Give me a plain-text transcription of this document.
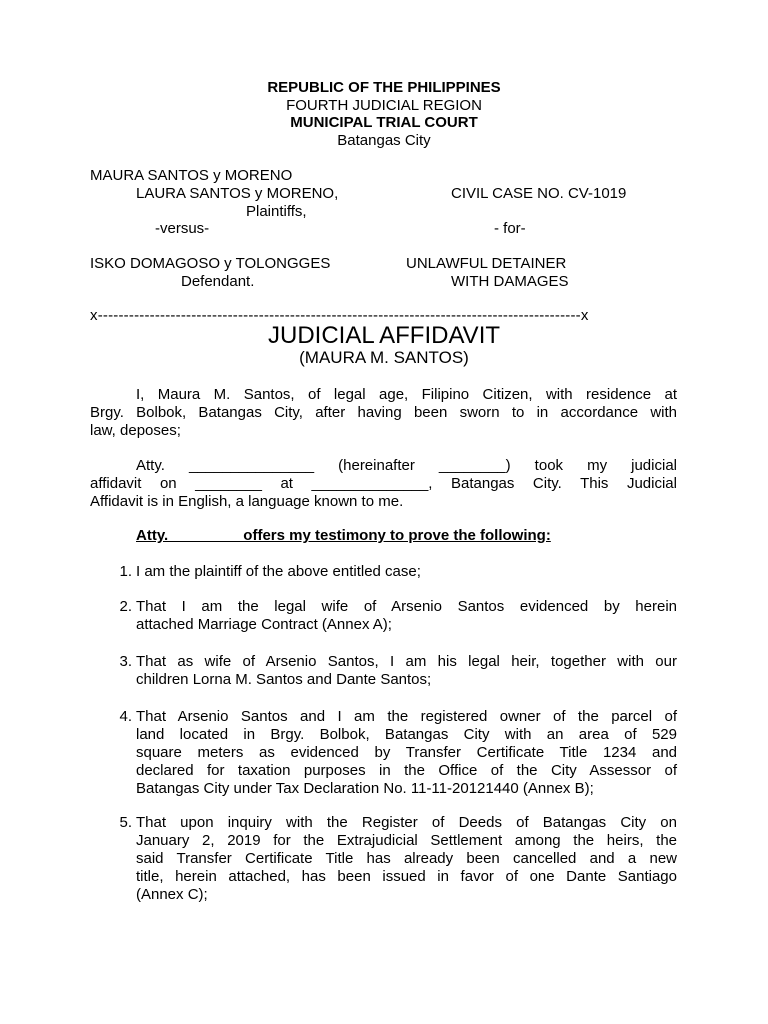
REPUBLIC OF THE PHILIPPINES
FOURTH JUDICIAL REGION
MUNICIPAL TRIAL COURT
Batangas City
MAURA SANTOS y MORENO
LAURA SANTOS y MORENO,
Plaintiffs,
-versus-
ISKO DOMAGOSO y TOLONGGES
Defendant.
CIVIL CASE NO. CV-1019
- for-
UNLAWFUL DETAINER
WITH DAMAGES
x---------------------------------------------------------------------------------------------x
JUDICIAL AFFIDAVIT
(MAURA M. SANTOS)
I, Maura M. Santos, of legal age, Filipino Citizen, with residence at
Brgy. Bolbok, Batangas City, after having been sworn to in accordance with
law, deposes;
Atty. _______________ (hereinafter ________) took my judicial
affidavit on ________ at ______________, Batangas City. This Judicial
Affidavit is in English, a language known to me.
Atty. ________ offers my testimony to prove the following:
1. I am the plaintiff of the above entitled case;
2. That I am the legal wife of Arsenio Santos evidenced by herein
attached Marriage Contract (Annex A);
3. That as wife of Arsenio Santos, I am his legal heir, together with our
children Lorna M. Santos and Dante Santos;
4. That Arsenio Santos and I am the registered owner of the parcel of
land located in Brgy. Bolbok, Batangas City with an area of 529
square meters as evidenced by Transfer Certificate Title 1234 and
declared for taxation purposes in the Office of the City Assessor of
Batangas City under Tax Declaration No. 11-11-20121440 (Annex B);
5. That upon inquiry with the Register of Deeds of Batangas City on
January 2, 2019 for the Extrajudicial Settlement among the heirs, the
said Transfer Certificate Title has already been cancelled and a new
title, herein attached, has been issued in favor of one Dante Santiago
(Annex C);
